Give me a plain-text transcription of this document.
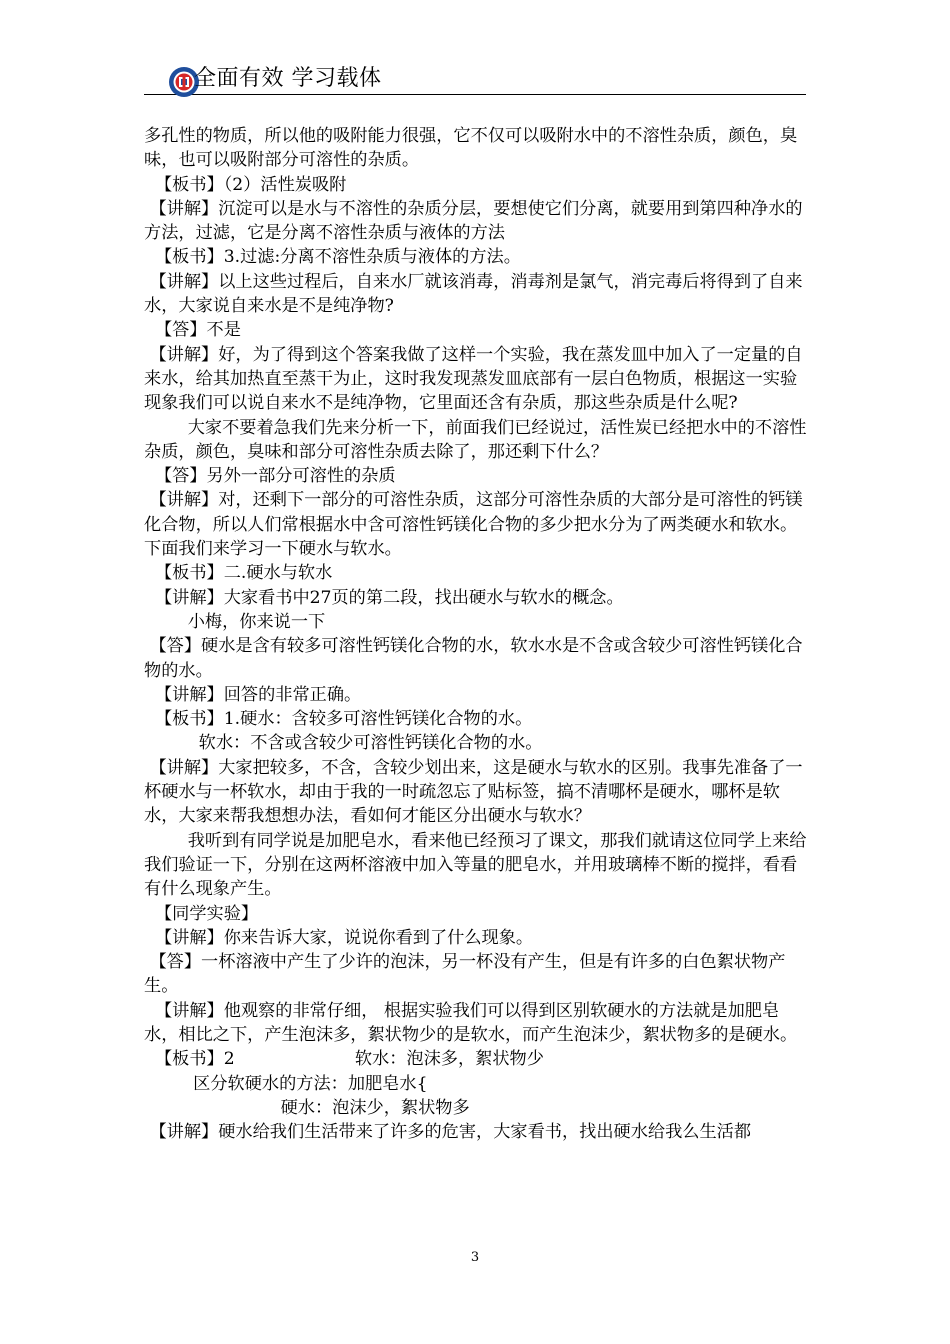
全面有效 学习载体

多孔性的物质，所以他的吸附能力很强，它不仅可以吸附水中的不溶性杂质，颜色，臭味，也可以吸附部分可溶性的杂质。

【板书】（2）活性炭吸附

【讲解】沉淀可以是水与不溶性的杂质分层，要想使它们分离，就要用到第四种净水的方法，过滤，它是分离不溶性杂质与液体的方法

【板书】3.过滤:分离不溶性杂质与液体的方法。

【讲解】以上这些过程后，自来水厂就该消毒，消毒剂是氯气，消完毒后将得到了自来水，大家说自来水是不是纯净物?

【答】不是

【讲解】好，为了得到这个答案我做了这样一个实验，我在蒸发皿中加入了一定量的自来水，给其加热直至蒸干为止，这时我发现蒸发皿底部有一层白色物质，根据这一实验现象我们可以说自来水不是纯净物，它里面还含有杂质，那这些杂质是什么呢?

大家不要着急我们先来分析一下，前面我们已经说过，活性炭已经把水中的不溶性杂质，颜色，臭味和部分可溶性杂质去除了，那还剩下什么？

【答】另外一部分可溶性的杂质

【讲解】对，还剩下一部分的可溶性杂质，这部分可溶性杂质的大部分是可溶性的钙镁化合物，所以人们常根据水中含可溶性钙镁化合物的多少把水分为了两类硬水和软水。下面我们来学习一下硬水与软水。

【板书】二.硬水与软水

【讲解】大家看书中27页的第二段，找出硬水与软水的概念。

小梅，你来说一下

【答】硬水是含有较多可溶性钙镁化合物的水，软水水是不含或含较少可溶性钙镁化合物的水。

【讲解】回答的非常正确。

【板书】1.硬水：含较多可溶性钙镁化合物的水。

软水：不含或含较少可溶性钙镁化合物的水。

【讲解】大家把较多，不含，含较少划出来，这是硬水与软水的区别。我事先准备了一杯硬水与一杯软水，却由于我的一时疏忽忘了贴标签，搞不清哪杯是硬水，哪杯是软水，大家来帮我想想办法，看如何才能区分出硬水与软水？

我听到有同学说是加肥皂水，看来他已经预习了课文，那我们就请这位同学上来给我们验证一下，分别在这两杯溶液中加入等量的肥皂水，并用玻璃棒不断的搅拌，看看有什么现象产生。

【同学实验】

【讲解】你来告诉大家，说说你看到了什么现象。

【答】一杯溶液中产生了少许的泡沫，另一杯没有产生，但是有许多的白色絮状物产生。

【讲解】他观察的非常仔细， 根据实验我们可以得到区别软硬水的方法就是加肥皂水，相比之下，产生泡沫多，絮状物少的是软水，而产生泡沫少，絮状物多的是硬水。

【板书】2                      软水：泡沫多，絮状物少

区分软硬水的方法：加肥皂水{

硬水：泡沫少，絮状物多

【讲解】硬水给我们生活带来了许多的危害，大家看书，找出硬水给我么生活都

3
